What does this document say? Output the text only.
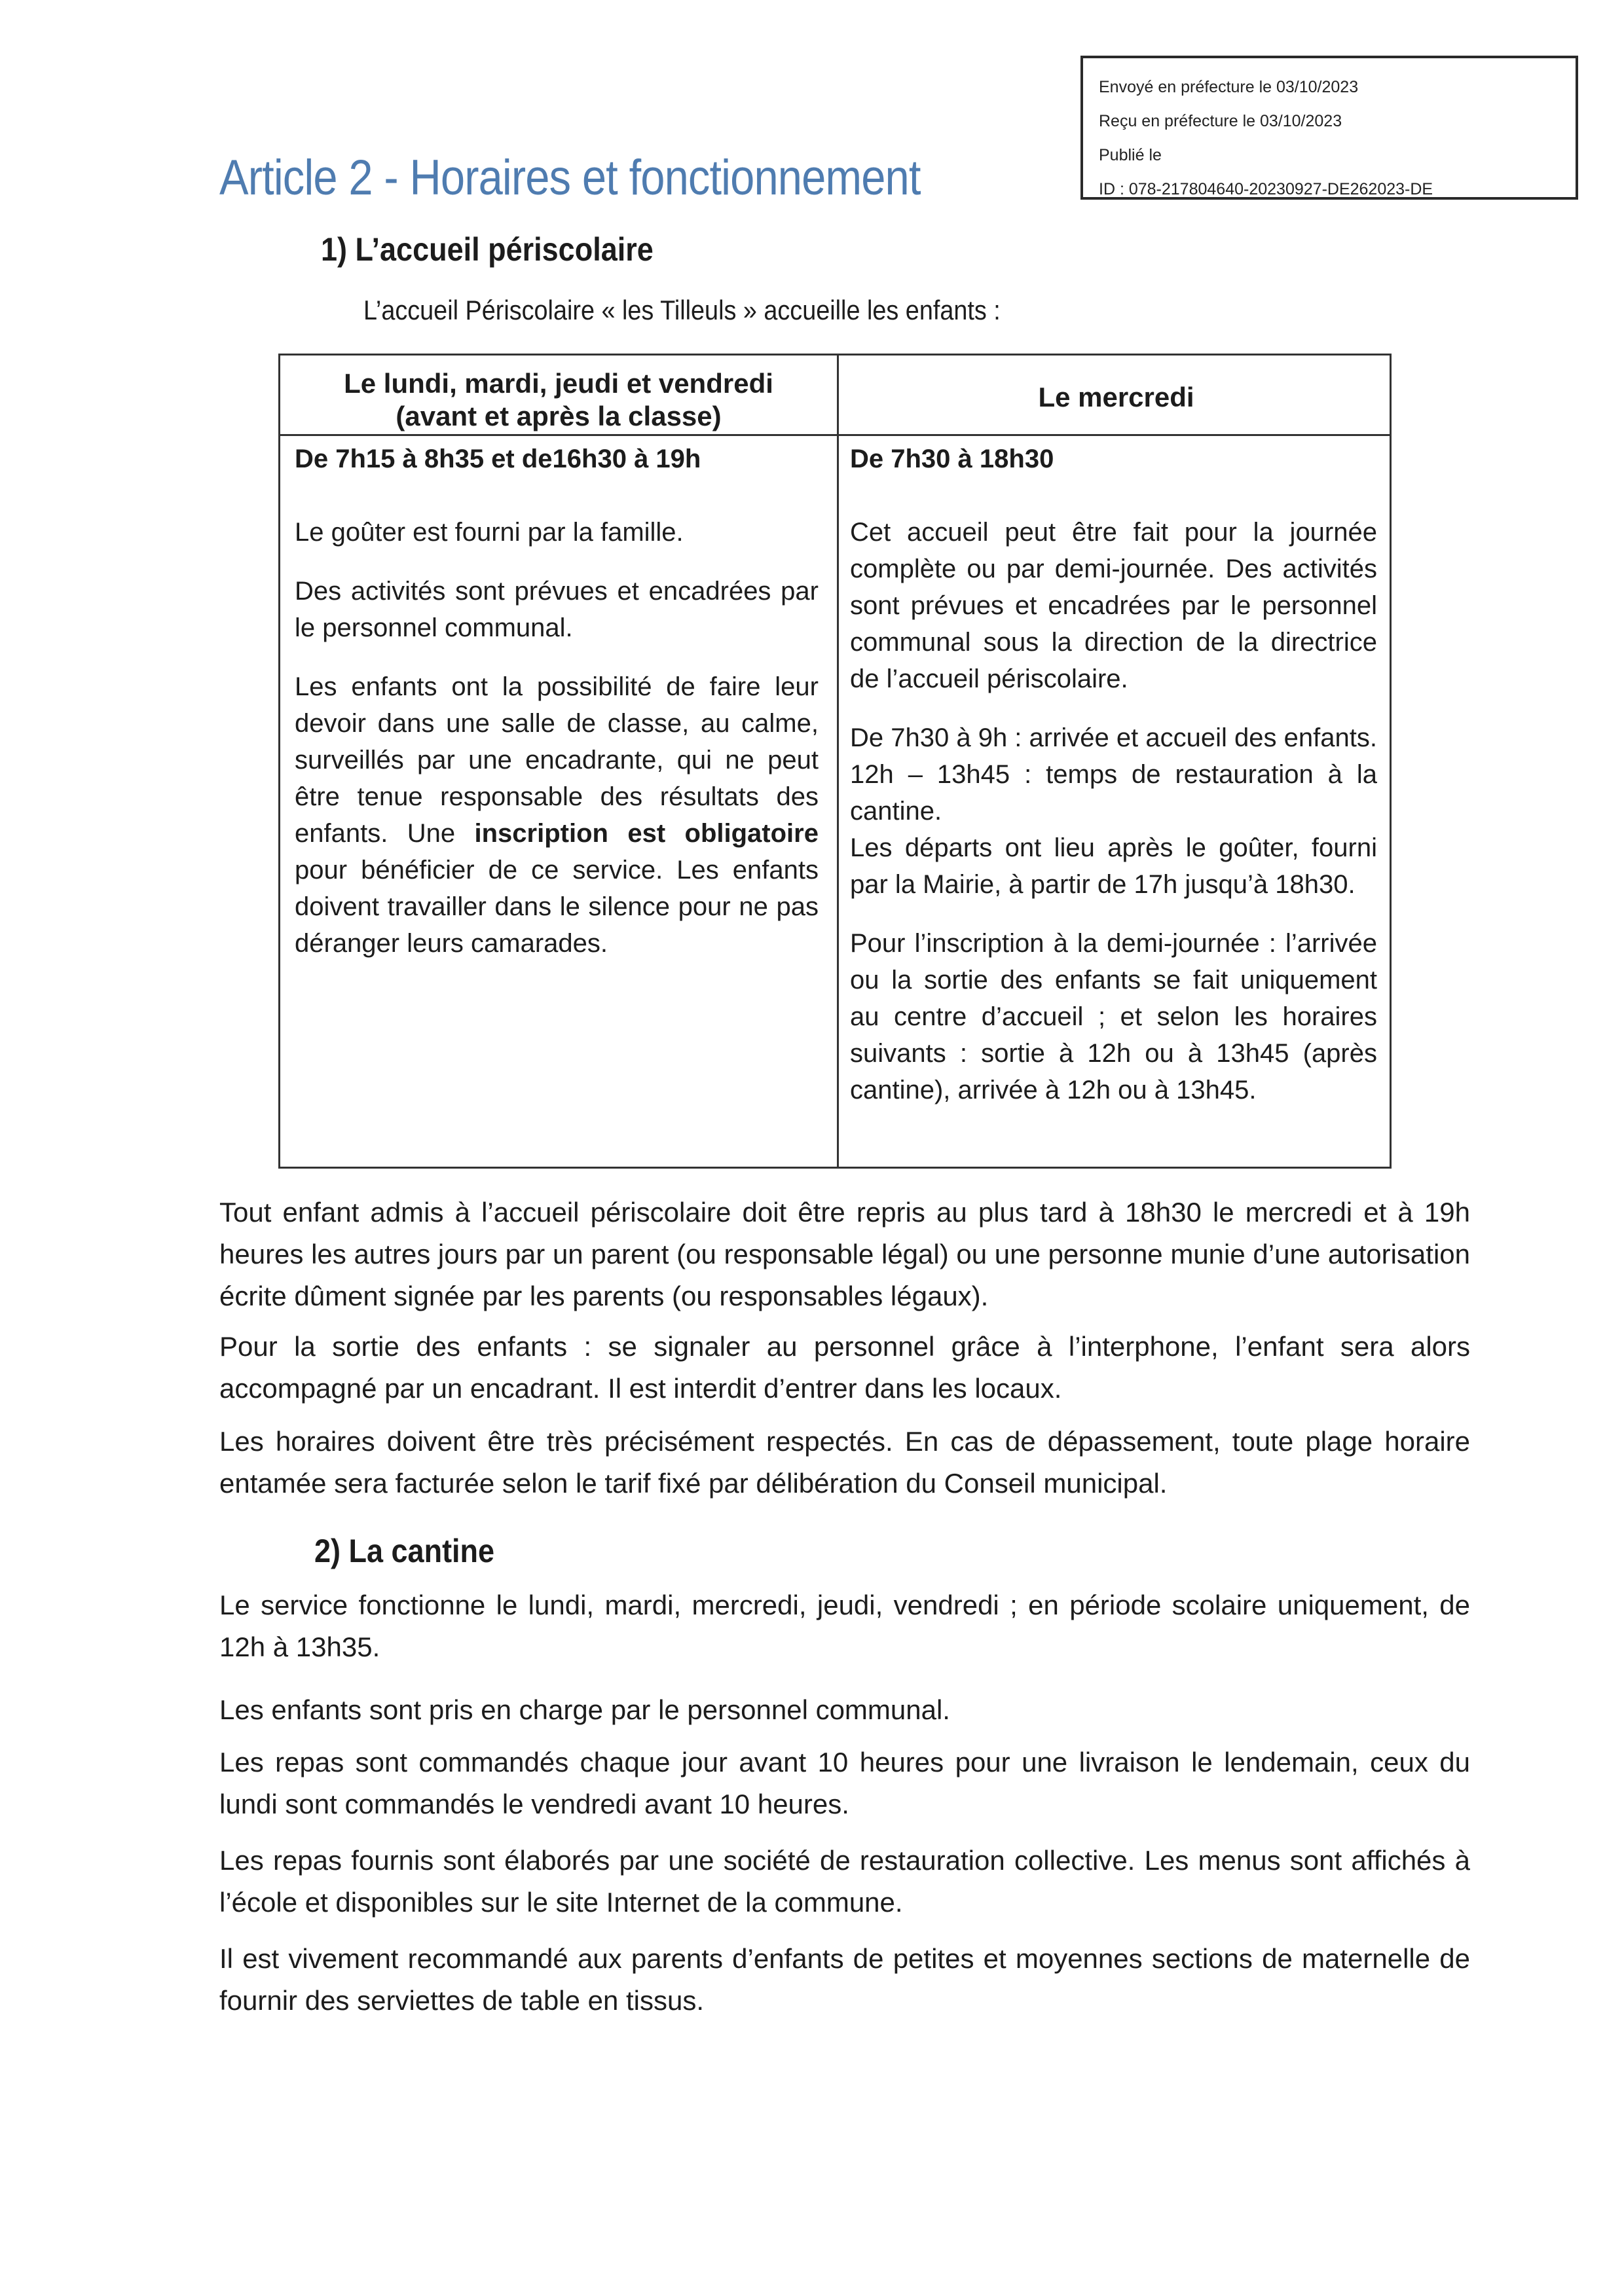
Envoyé en préfecture le 03/10/2023
Reçu en préfecture le 03/10/2023
Publié le
ID : 078-217804640-20230927-DE262023-DE
Article 2 - Horaires et fonctionnement
1) L’accueil périscolaire
L’accueil Périscolaire « les Tilleuls » accueille les enfants :
Le lundi, mardi, jeudi et vendredi
(avant et après la classe)
Le mercredi

De 7h15 à 8h35 et de16h30 à 19h

Le goûter est fourni par la famille.

Des activités sont prévues et encadrées par le personnel communal.

Les enfants ont la possibilité de faire leur devoir dans une salle de classe, au calme, surveillés par une encadrante, qui ne peut être tenue responsable des résultats des enfants. Une inscription est obligatoire pour bénéficier de ce service. Les enfants doivent travailler dans le silence pour ne pas déranger leurs camarades.

De 7h30 à 18h30

Cet accueil peut être fait pour la journée complète ou par demi-journée. Des activités sont prévues et encadrées par le personnel communal sous la direction de la directrice de l’accueil périscolaire.

De 7h30 à 9h : arrivée et accueil des enfants.
12h – 13h45 : temps de restauration à la cantine.
Les départs ont lieu après le goûter, fourni par la Mairie, à partir de 17h jusqu’à 18h30.

Pour l’inscription à la demi-journée : l’arrivée ou la sortie des enfants se fait uniquement au centre d’accueil ; et selon les horaires suivants : sortie à 12h ou à 13h45 (après cantine), arrivée à 12h ou à 13h45.

Tout enfant admis à l’accueil périscolaire doit être repris au plus tard à 18h30 le mercredi et à 19h heures les autres jours par un parent (ou responsable légal) ou une personne munie d’une autorisation écrite dûment signée par les parents (ou responsables légaux).

Pour la sortie des enfants : se signaler au personnel grâce à l’interphone, l’enfant sera alors accompagné par un encadrant. Il est interdit d’entrer dans les locaux.

Les horaires doivent être très précisément respectés. En cas de dépassement, toute plage horaire entamée sera facturée selon le tarif fixé par délibération du Conseil municipal.

2) La cantine

Le service fonctionne le lundi, mardi, mercredi, jeudi, vendredi ; en période scolaire uniquement, de 12h à 13h35.

Les enfants sont pris en charge par le personnel communal.

Les repas sont commandés chaque jour avant 10 heures pour une livraison le lendemain, ceux du lundi sont commandés le vendredi avant 10 heures.

Les repas fournis sont élaborés par une société de restauration collective. Les menus sont affichés à l’école et disponibles sur le site Internet de la commune.

Il est vivement recommandé aux parents d’enfants de petites et moyennes sections de maternelle de fournir des serviettes de table en tissus.
